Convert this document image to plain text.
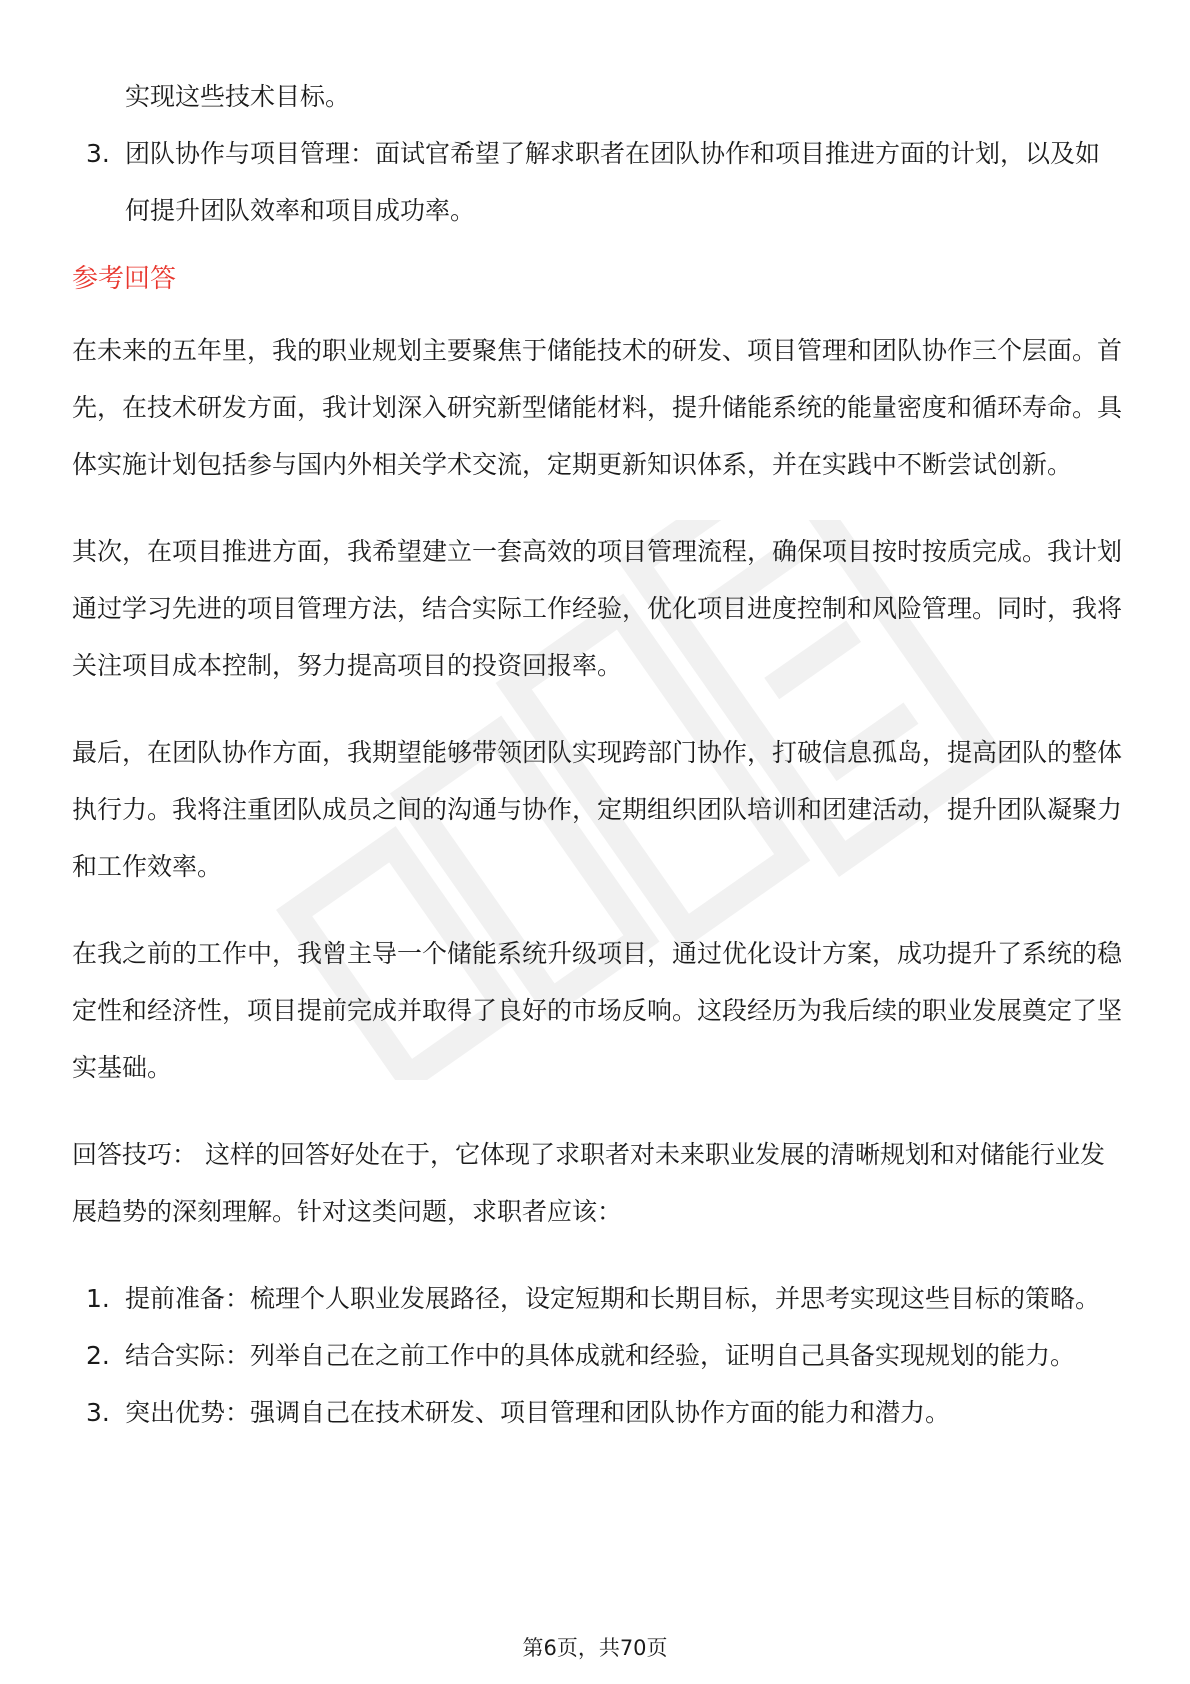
实现这些技术目标。

3. 团队协作与项目管理：面试官希望了解求职者在团队协作和项目推进方面的计划，以及如何提升团队效率和项目成功率。
参考回答

在未来的五年里，我的职业规划主要聚焦于储能技术的研发、项目管理和团队协作三个层面。首先，在技术研发方面，我计划深入研究新型储能材料，提升储能系统的能量密度和循环寿命。具体实施计划包括参与国内外相关学术交流，定期更新知识体系，并在实践中不断尝试创新。

其次，在项目推进方面，我希望建立一套高效的项目管理流程，确保项目按时按质完成。我计划通过学习先进的项目管理方法，结合实际工作经验，优化项目进度控制和风险管理。同时，我将关注项目成本控制，努力提高项目的投资回报率。

最后，在团队协作方面，我期望能够带领团队实现跨部门协作，打破信息孤岛，提高团队的整体执行力。我将注重团队成员之间的沟通与协作，定期组织团队培训和团建活动，提升团队凝聚力和工作效率。

在我之前的工作中，我曾主导一个储能系统升级项目，通过优化设计方案，成功提升了系统的稳定性和经济性，项目提前完成并取得了良好的市场反响。这段经历为我后续的职业发展奠定了坚实基础。

回答技巧： 这样的回答好处在于，它体现了求职者对未来职业发展的清晰规划和对储能行业发展趋势的深刻理解。针对这类问题，求职者应该：

1. 提前准备：梳理个人职业发展路径，设定短期和长期目标，并思考实现这些目标的策略。
2. 结合实际：列举自己在之前工作中的具体成就和经验，证明自己具备实现规划的能力。
3. 突出优势：强调自己在技术研发、项目管理和团队协作方面的能力和潜力。
第6页，共70页
